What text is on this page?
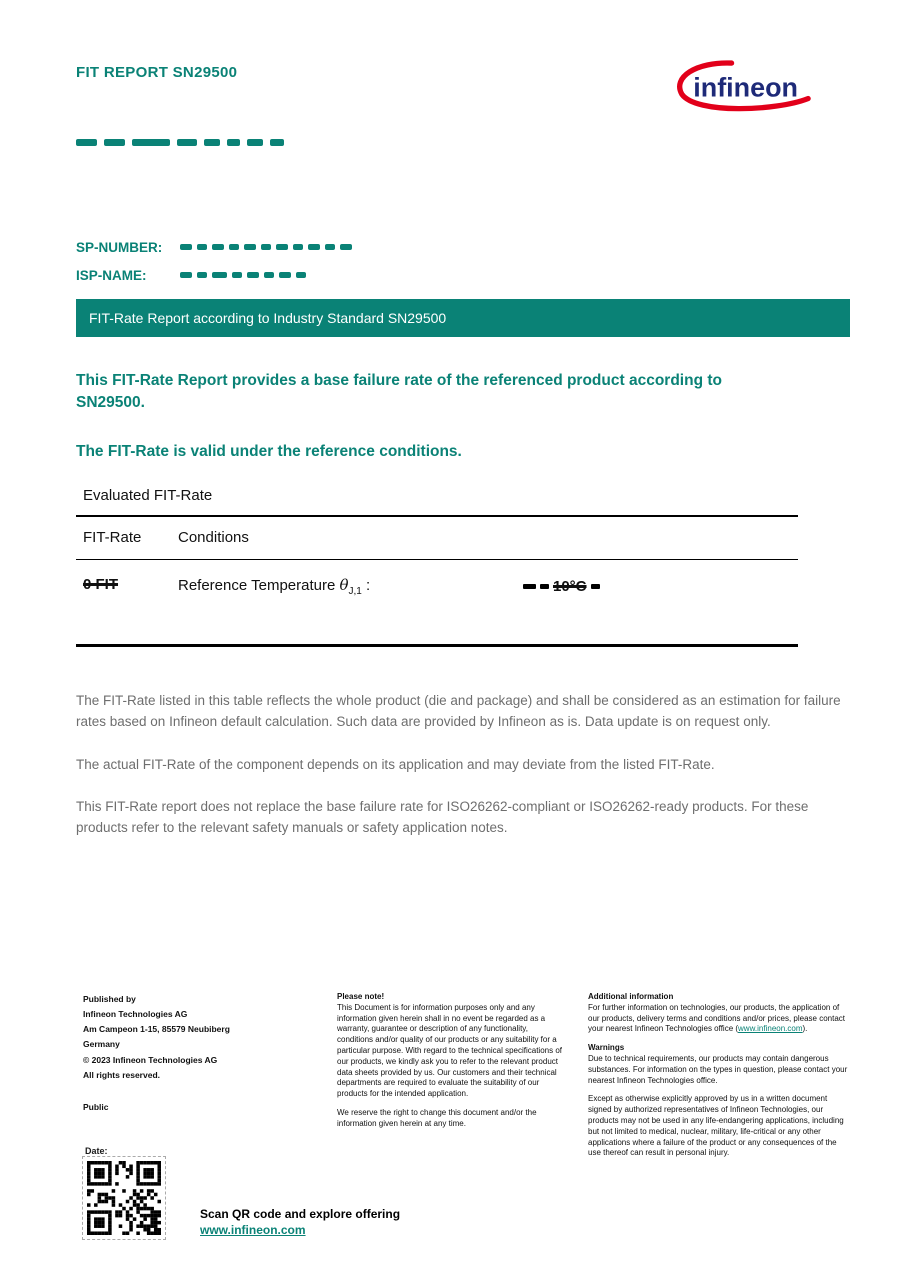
FIT REPORT SN29500	infineon
SP-NUMBER:
ISP-NAME:
FIT-Rate Report according to Industry Standard SN29500
This FIT-Rate Report provides a base failure rate of the referenced product according to SN29500.
The FIT-Rate is valid under the reference conditions.
Evaluated FIT-Rate
FIT-Rate	Conditions
0 FIT	Reference Temperature $\theta_{J,1}$ :	10°C

The FIT-Rate listed in this table reflects the whole product (die and package) and shall be considered as an estimation for failure rates based on Infineon default calculation. Such data are provided by Infineon as is. Data update is on request only.

The actual FIT-Rate of the component depends on its application and may deviate from the listed FIT-Rate.

This FIT-Rate report does not replace the base failure rate for ISO26262-compliant or ISO26262-ready products. For these products refer to the relevant safety manuals or safety application notes.

Published by
Infineon Technologies AG
Am Campeon 1-15, 85579 Neubiberg
Germany
© 2023 Infineon Technologies AG
All rights reserved.
Public
Please note!

This Document is for information purposes only and any information given herein shall in no event be regarded as a warranty, guarantee or description of any functionality, conditions and/or quality of our products or any suitability for a particular purpose. With regard to the technical specifications of our products, we kindly ask you to refer to the relevant product data sheets provided by us. Our customers and their technical departments are required to evaluate the suitability of our products for the intended application.

We reserve the right to change this document and/or the information given herein at any time.

Additional information

For further information on technologies, our products, the application of our products, delivery terms and conditions and/or prices, please contact your nearest Infineon Technologies office (www.infineon.com).

Warnings

Due to technical requirements, our products may contain dangerous substances. For information on the types in question, please contact your nearest Infineon Technologies office.

Except as otherwise explicitly approved by us in a written document signed by authorized representatives of Infineon Technologies, our products may not be used in any life-endangering applications, including but not limited to medical, nuclear, military, life-critical or any other applications where a failure of the product or any consequences of the use thereof can result in personal injury.

Date:
Scan QR code and explore offering
www.infineon.com
